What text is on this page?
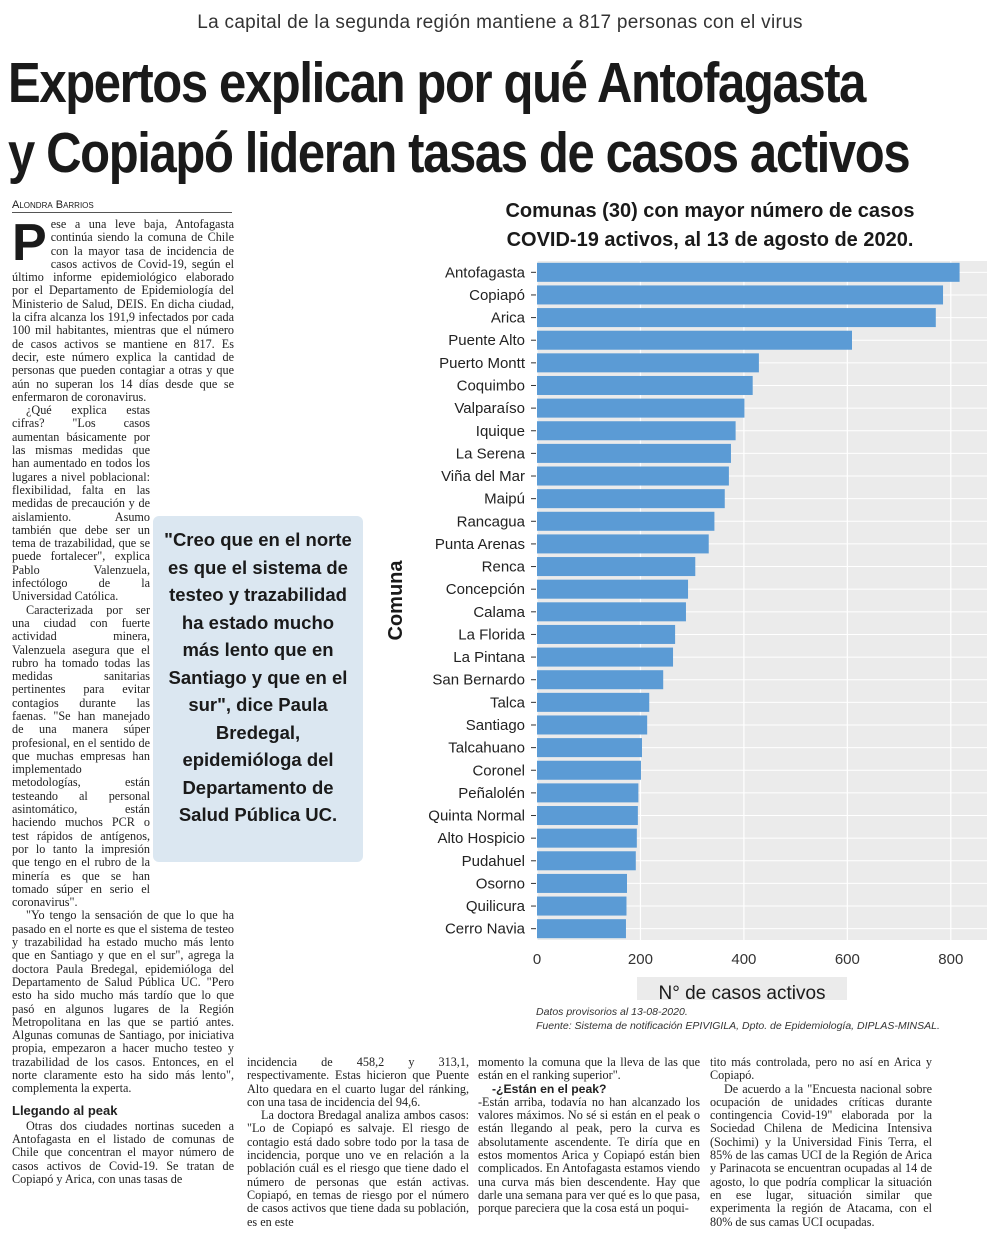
La capital de la segunda región mantiene a 817 personas con el virus
Expertos explican por qué Antofagasta
y Copiapó lideran tasas de casos activos
Alondra Barrios

Pese a una leve baja, Antofagasta continúa siendo la comuna de Chile con la mayor tasa de incidencia de casos activos de Covid-19, según el último informe epidemiológico elaborado por el Departamento de Epidemiología del Ministerio de Salud, DEIS. En dicha ciudad, la cifra alcanza los 191,9 infectados por cada 100 mil habitantes, mientras que el número de casos activos se mantiene en 817. Es decir, este número explica la cantidad de personas que pueden contagiar a otras y que aún no superan los 14 días desde que se enfermaron de coronavirus.

¿Qué explica estas cifras? "Los casos aumentan básicamente por las mismas medidas que han aumentado en todos los lugares a nivel poblacional: flexibilidad, falta en las medidas de precaución y de aislamiento. Asumo también que debe ser un tema de trazabilidad, que se puede fortalecer", explica Pablo Valenzuela, infectólogo de la Universidad Católica.

Caracterizada por ser una ciudad con fuerte actividad minera, Valenzuela asegura que el rubro ha tomado todas las medidas sanitarias pertinentes para evitar contagios durante las faenas. "Se han manejado de una manera súper profesional, en el sentido de que muchas empresas han implementado metodologías, están testeando al personal asintomático, están haciendo muchos PCR o test rápidos de antígenos, por lo tanto la impresión que tengo en el rubro de la minería es que se han tomado súper en serio el coronavirus".

"Yo tengo la sensación de que lo que ha pasado en el norte es que el sistema de testeo y trazabilidad ha estado mucho más lento que en Santiago y que en el sur", agrega la doctora Paula Bredegal, epidemióloga del Departamento de Salud Pública UC. "Pero esto ha sido mucho más tardío que lo que pasó en algunos lugares de la Región Metropolitana en las que se partió antes. Algunas comunas de Santiago, por iniciativa propia, empezaron a hacer mucho testeo y trazabilidad de los casos. Entonces, en el norte claramente esto ha sido más lento", complementa la experta.

Llegando al peak

Otras dos ciudades nortinas suceden a Antofagasta en el listado de comunas de Chile que concentran el mayor número de casos activos de Covid-19. Se tratan de Copiapó y Arica, con unas tasas de

"Creo que en el norte es que el sistema de testeo y trazabilidad ha estado mucho más lento que en Santiago y que en el sur", dice Paula Bredegal, epidemióloga del Departamento de Salud Pública UC.

incidencia de 458,2 y 313,1, respectivamente. Estas hicieron que Puente Alto quedara en el cuarto lugar del ránking, con una tasa de incidencia del 94,6.

La doctora Bredagal analiza ambos casos: "Lo de Copiapó es salvaje. El riesgo de contagio está dado sobre todo por la tasa de incidencia, porque uno ve en relación a la población cuál es el riesgo que tiene dado el número de personas que están activas. Copiapó, en temas de riesgo por el número de casos activos que tiene dada su población, es en este

momento la comuna que la lleva de las que están en el ranking superior".

-¿Están en el peak?

-Están arriba, todavía no han alcanzado los valores máximos. No sé si están en el peak o están llegando al peak, pero la curva es absolutamente ascendente. Te diría que en estos momentos Arica y Copiapó están bien complicados. En Antofagasta estamos viendo una curva más bien descendente. Hay que darle una semana para ver qué es lo que pasa, porque pareciera que la cosa está un poqui-

tito más controlada, pero no así en Arica y Copiapó.

De acuerdo a la "Encuesta nacional sobre ocupación de unidades críticas durante contingencia Covid-19" elaborada por la Sociedad Chilena de Medicina Intensiva (Sochimi) y la Universidad Finis Terra, el 85% de las camas UCI de la Región de Arica y Parinacota se encuentran ocupadas al 14 de agosto, lo que podría complicar la situación en ese lugar, situación similar que experimenta la región de Atacama, con el 80% de sus camas UCI ocupadas.

Comunas (30) con mayor número de casos
COVID-19 activos, al 13 de agosto de 2020.
0	200	400	600	800
Antofagasta
Copiapó
Arica
Puente Alto
Puerto Montt
Coquimbo
Valparaíso
Iquique
La Serena
Viña del Mar
Maipú
Rancagua
Punta Arenas
Renca
Concepción
Calama
La Florida
La Pintana
San Bernardo
Talca
Santiago
Talcahuano
Coronel
Peñalolén
Quinta Normal
Alto Hospicio
Pudahuel
Osorno
Quilicura
Cerro Navia
Comuna
N° de casos activos
Datos provisorios al 13-08-2020.
Fuente: Sistema de notificación EPIVIGILA, Dpto. de Epidemiología, DIPLAS-MINSAL.
